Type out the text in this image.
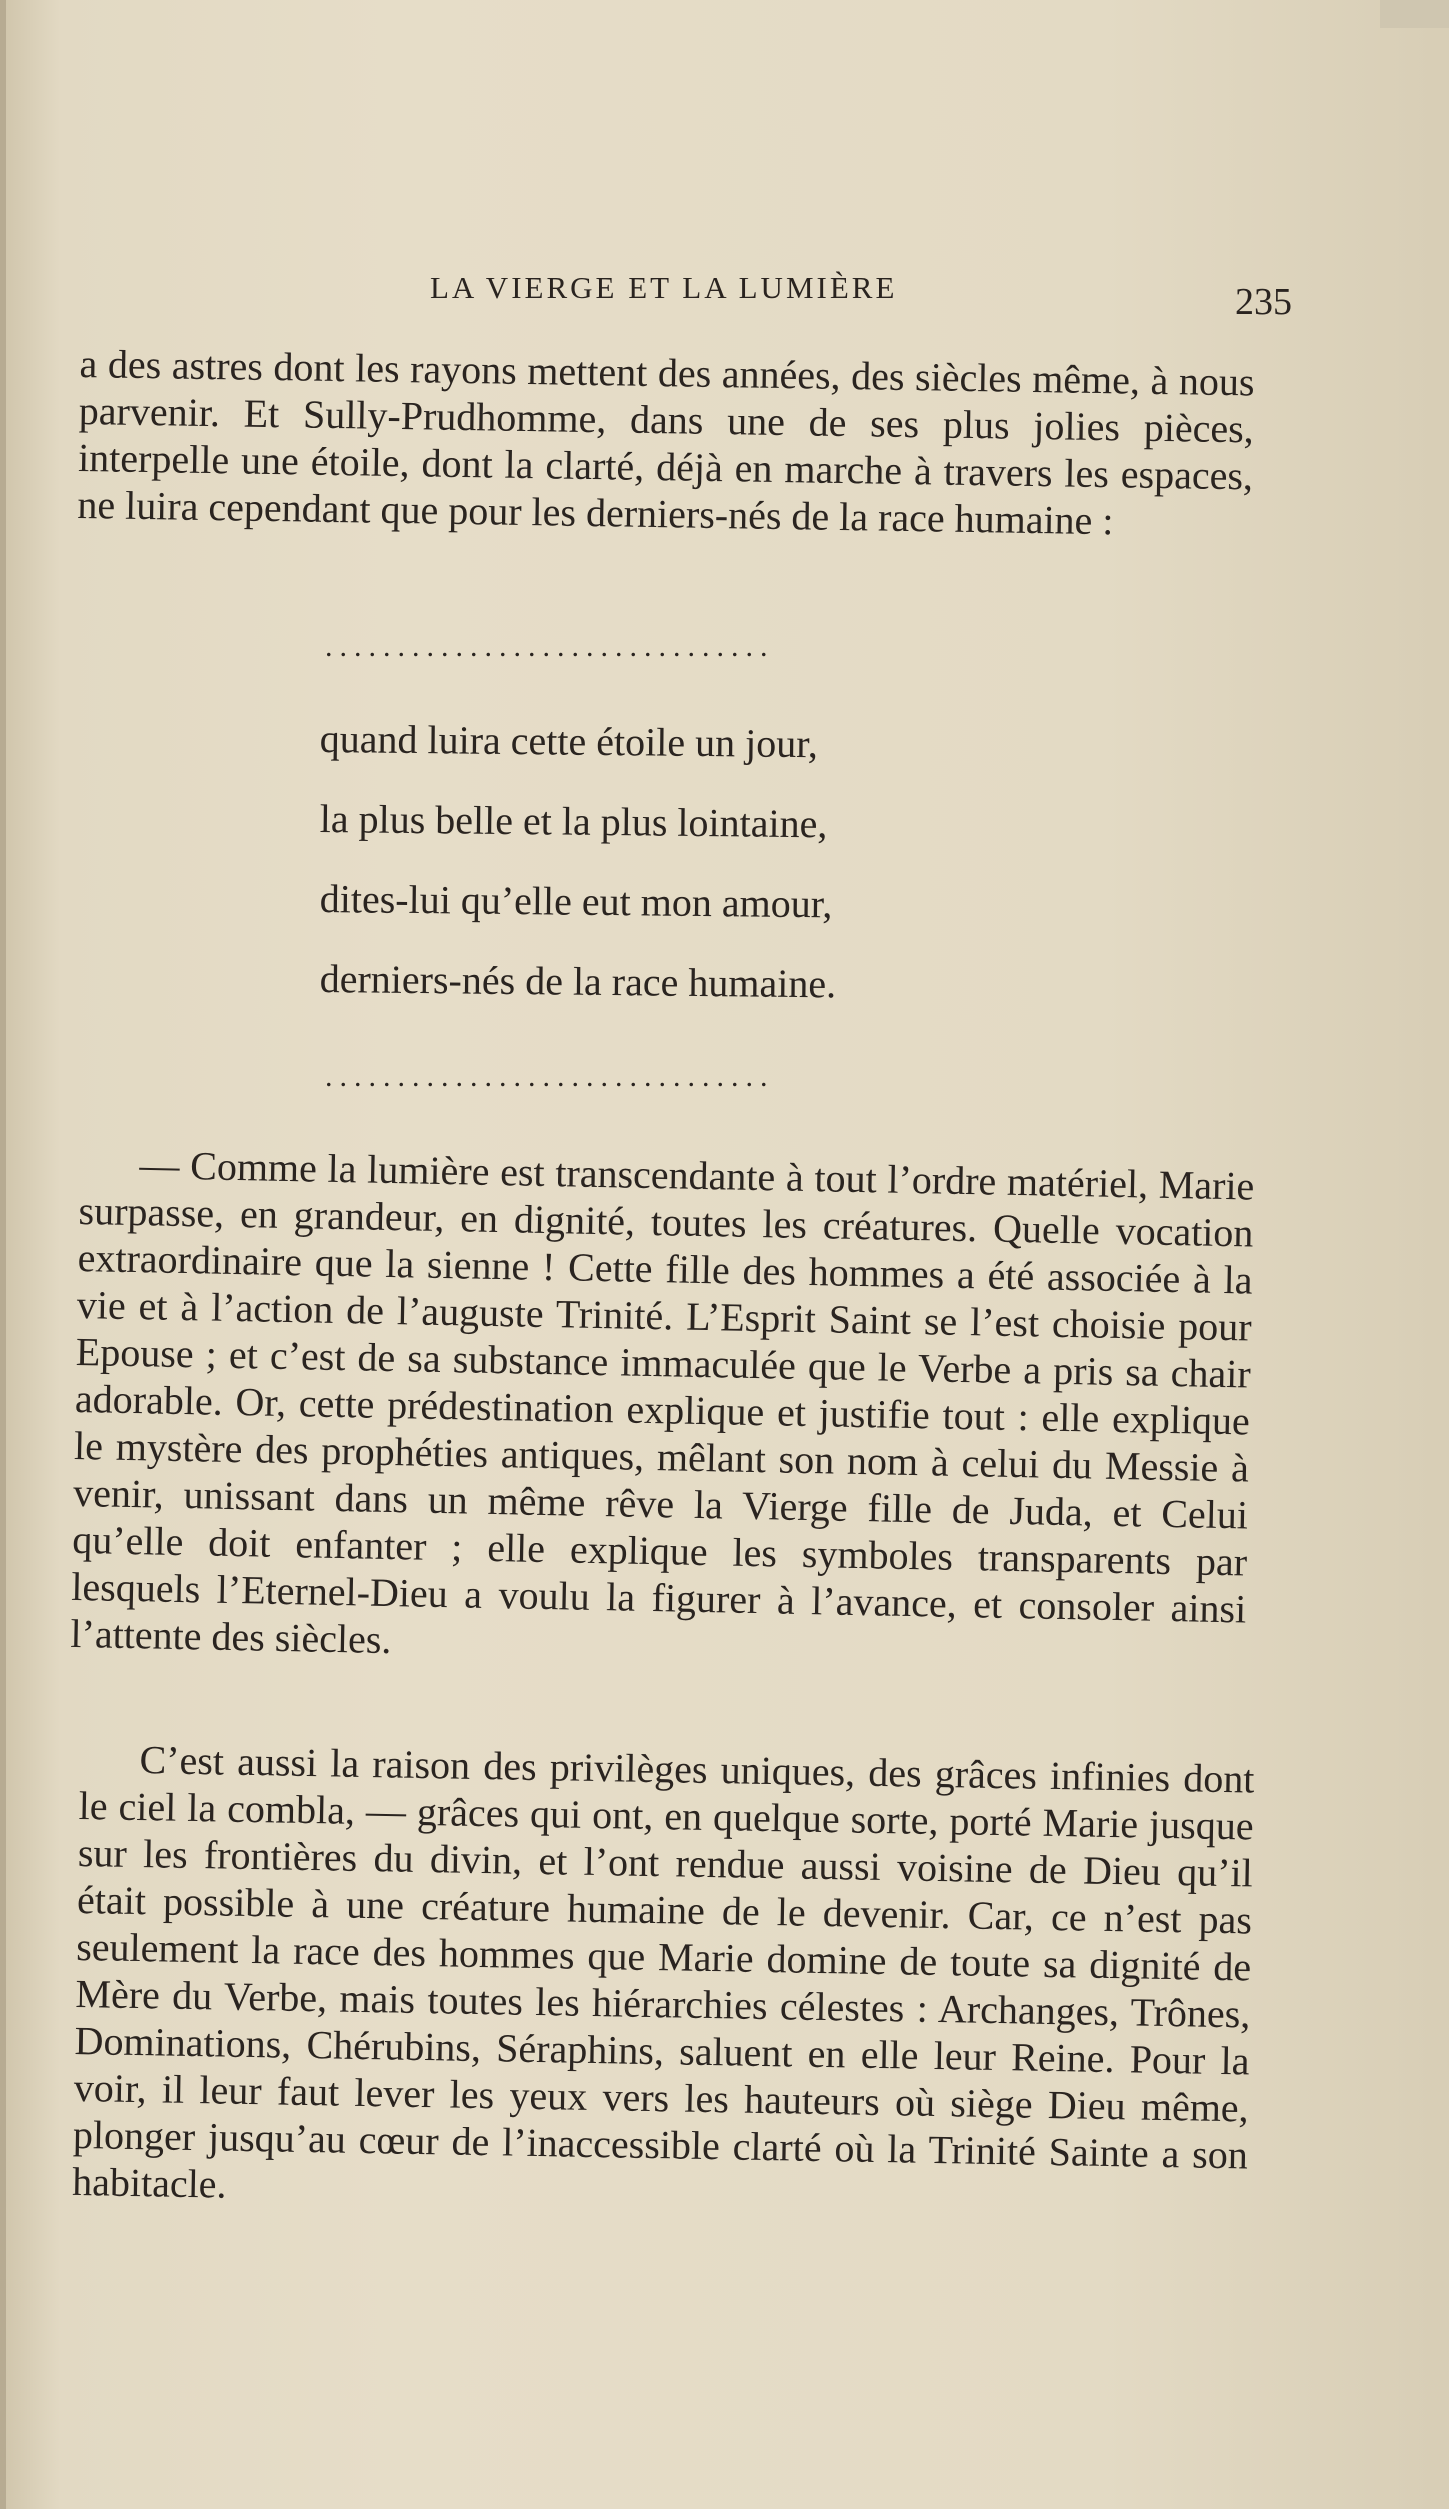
LA VIERGE ET LA LUMIÈRE	235

a des astres dont les rayons mettent des années, des siècles même, à nous parvenir. Et Sully-Prudhomme, dans une de ses plus jolies pièces, interpelle une étoile, dont la clarté, déjà en marche à travers les espaces, ne luira cependant que pour les derniers-nés de la race humaine :

...............................
quand luira cette étoile un jour,
la plus belle et la plus lointaine,
dites-lui qu’elle eut mon amour,
derniers-nés de la race humaine.
...............................

— Comme la lumière est transcendante à tout l’ordre matériel, Marie surpasse, en grandeur, en dignité, toutes les créatures. Quelle vocation extraordinaire que la sienne ! Cette fille des hommes a été associée à la vie et à l’action de l’auguste Trinité. L’Esprit Saint se l’est choisie pour Epouse ; et c’est de sa substance immaculée que le Verbe a pris sa chair adorable. Or, cette prédestination explique et justifie tout : elle explique le mystère des prophéties antiques, mêlant son nom à celui du Messie à venir, unissant dans un même rêve la Vierge fille de Juda, et Celui qu’elle doit enfanter ; elle explique les symboles transparents par lesquels l’Eternel-Dieu a voulu la figurer à l’avance, et consoler ainsi l’attente des siècles.

C’est aussi la raison des privilèges uniques, des grâces infinies dont le ciel la combla, — grâces qui ont, en quelque sorte, porté Marie jusque sur les frontières du divin, et l’ont rendue aussi voisine de Dieu qu’il était possible à une créature humaine de le devenir. Car, ce n’est pas seulement la race des hommes que Marie domine de toute sa dignité de Mère du Verbe, mais toutes les hiérarchies célestes : Archanges, Trônes, Dominations, Chérubins, Séraphins, saluent en elle leur Reine. Pour la voir, il leur faut lever les yeux vers les hauteurs où siège Dieu même, plonger jusqu’au cœur de l’inaccessible clarté où la Trinité Sainte a son habitacle.
